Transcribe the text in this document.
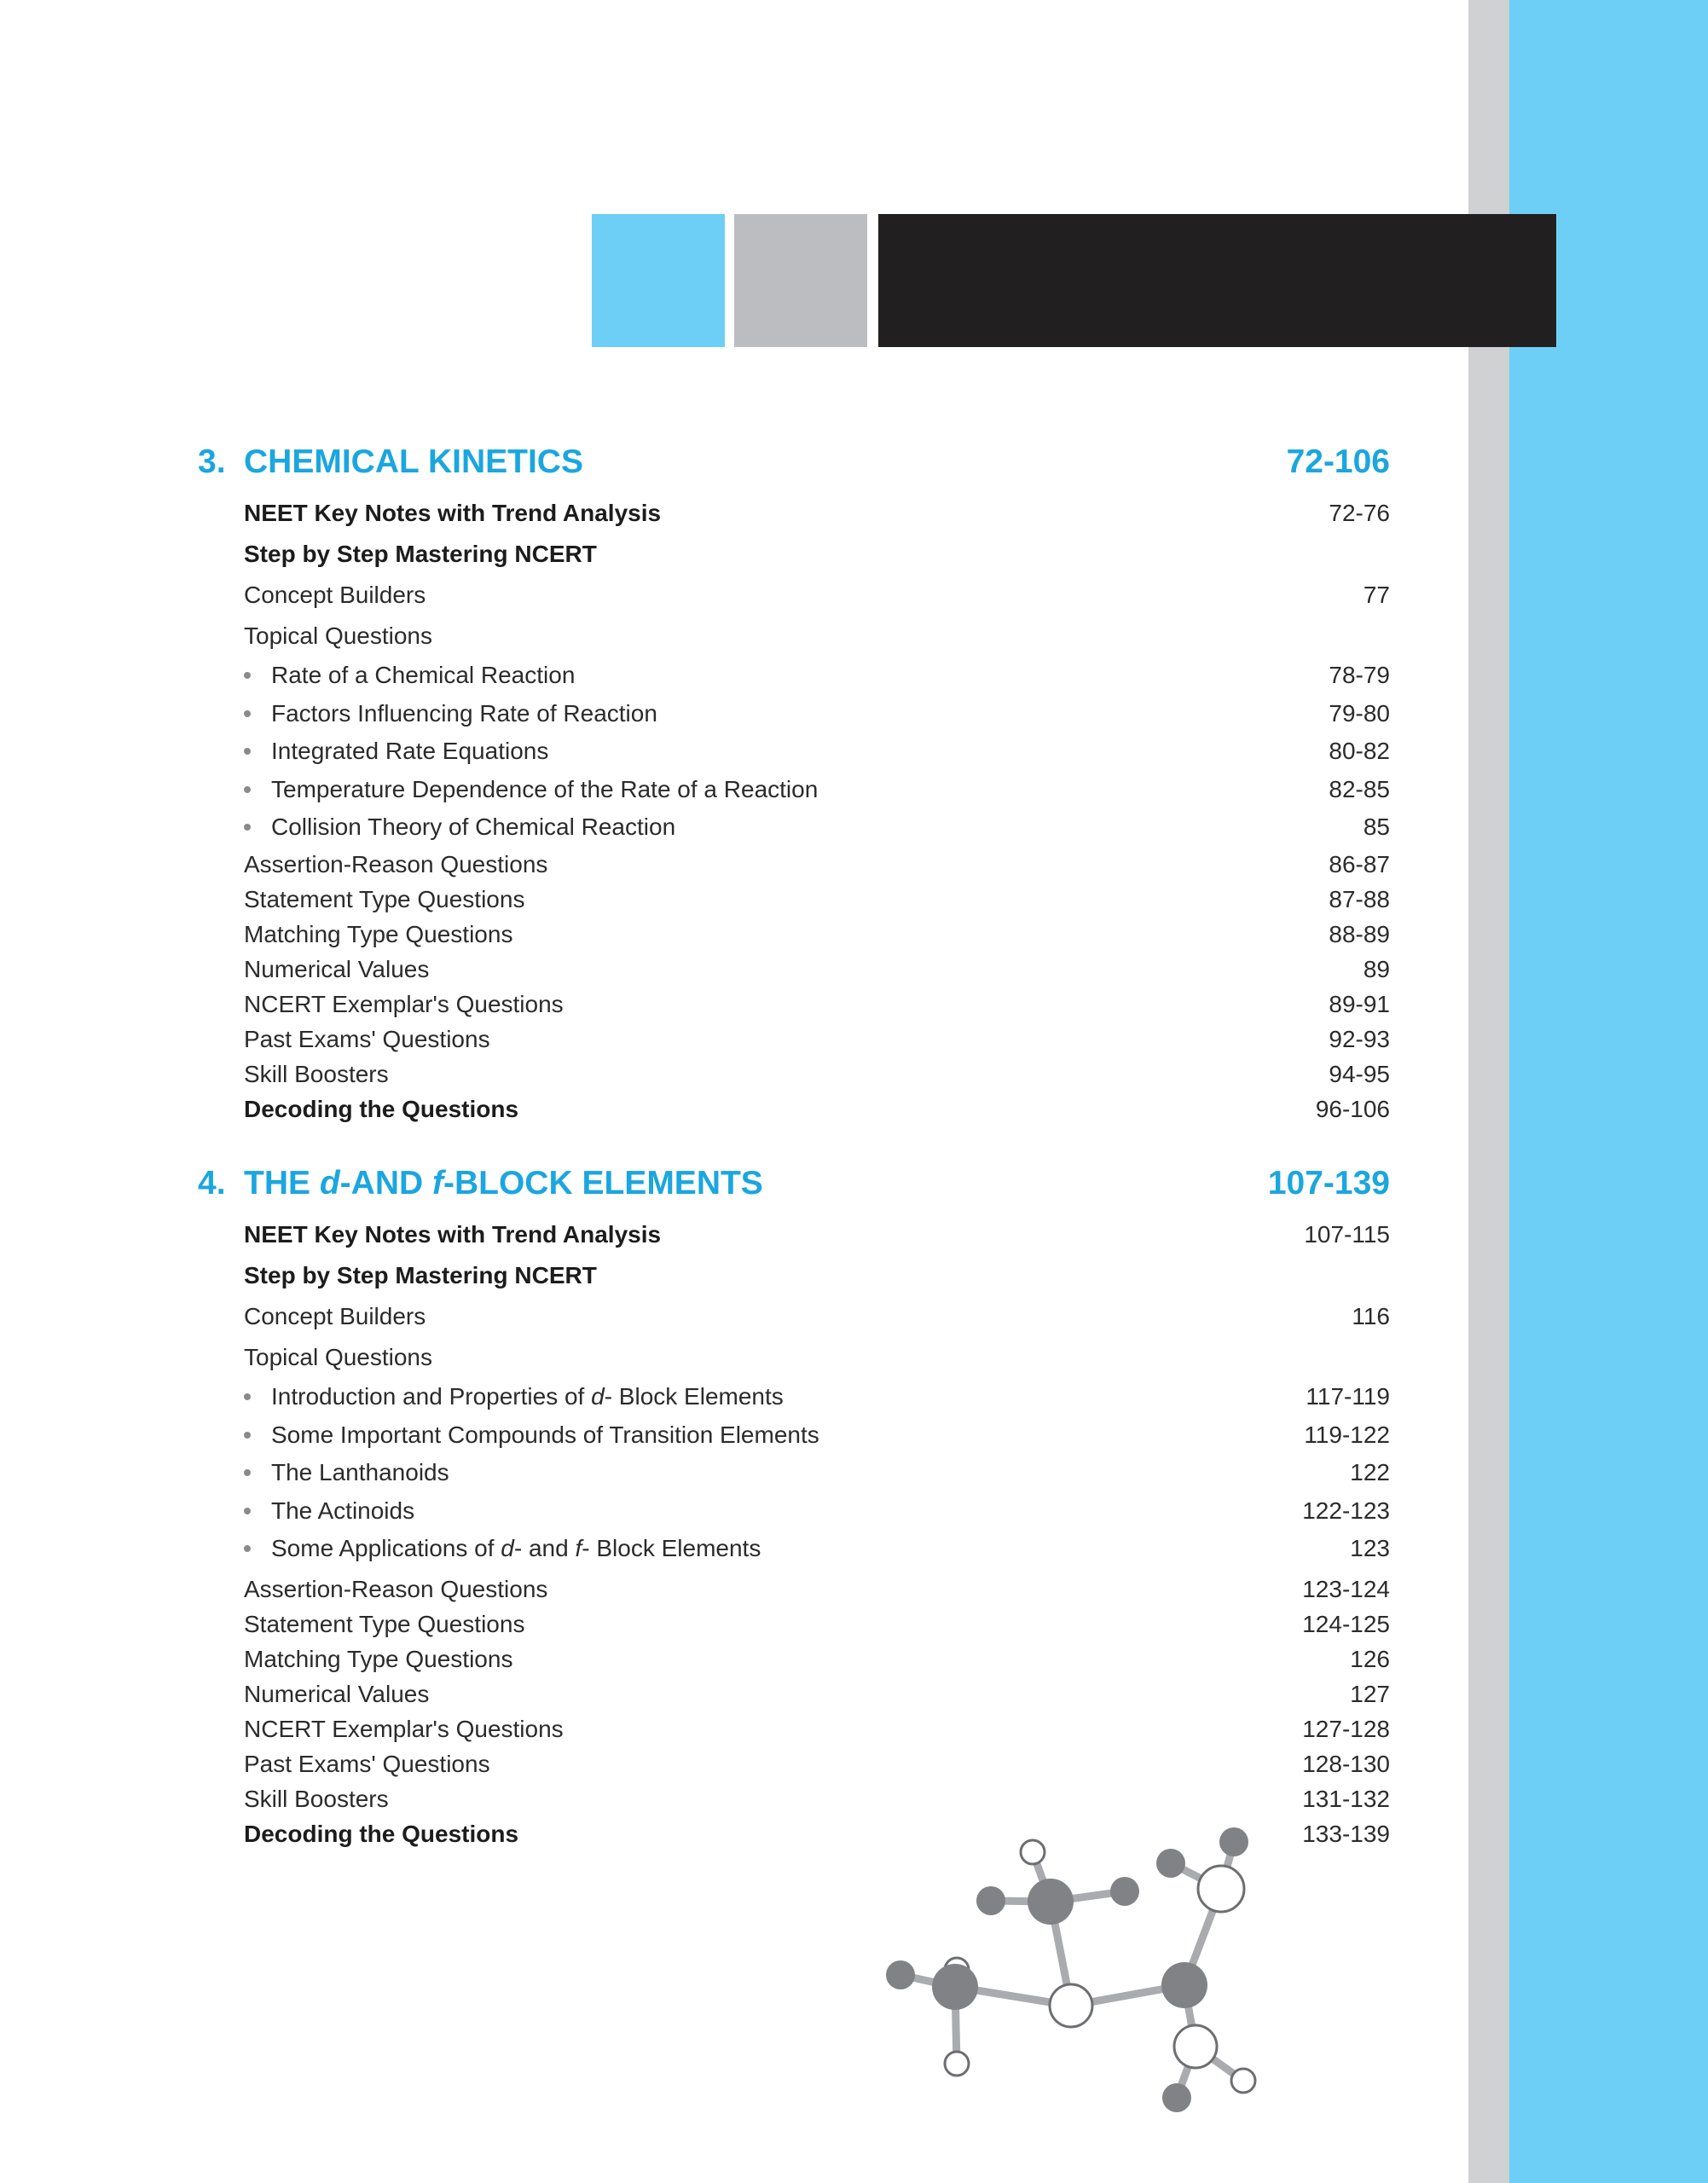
3. CHEMICAL KINETICS	72-106
NEET Key Notes with Trend Analysis	72-76
Step by Step Mastering NCERT
Concept Builders	77
Topical Questions
Rate of a Chemical Reaction	78-79
Factors Influencing Rate of Reaction	79-80
Integrated Rate Equations	80-82
Temperature Dependence of the Rate of a Reaction	82-85
Collision Theory of Chemical Reaction	85
Assertion-Reason Questions	86-87
Statement Type Questions	87-88
Matching Type Questions	88-89
Numerical Values	89
NCERT Exemplar's Questions	89-91
Past Exams' Questions	92-93
Skill Boosters	94-95
Decoding the Questions	96-106
4. THE d-AND f-BLOCK ELEMENTS	107-139
NEET Key Notes with Trend Analysis	107-115
Step by Step Mastering NCERT
Concept Builders	116
Topical Questions
Introduction and Properties of d- Block Elements	117-119
Some Important Compounds of Transition Elements	119-122
The Lanthanoids	122
The Actinoids	122-123
Some Applications of d- and f- Block Elements	123
Assertion-Reason Questions	123-124
Statement Type Questions	124-125
Matching Type Questions	126
Numerical Values	127
NCERT Exemplar's Questions	127-128
Past Exams' Questions	128-130
Skill Boosters	131-132
Decoding the Questions	133-139
